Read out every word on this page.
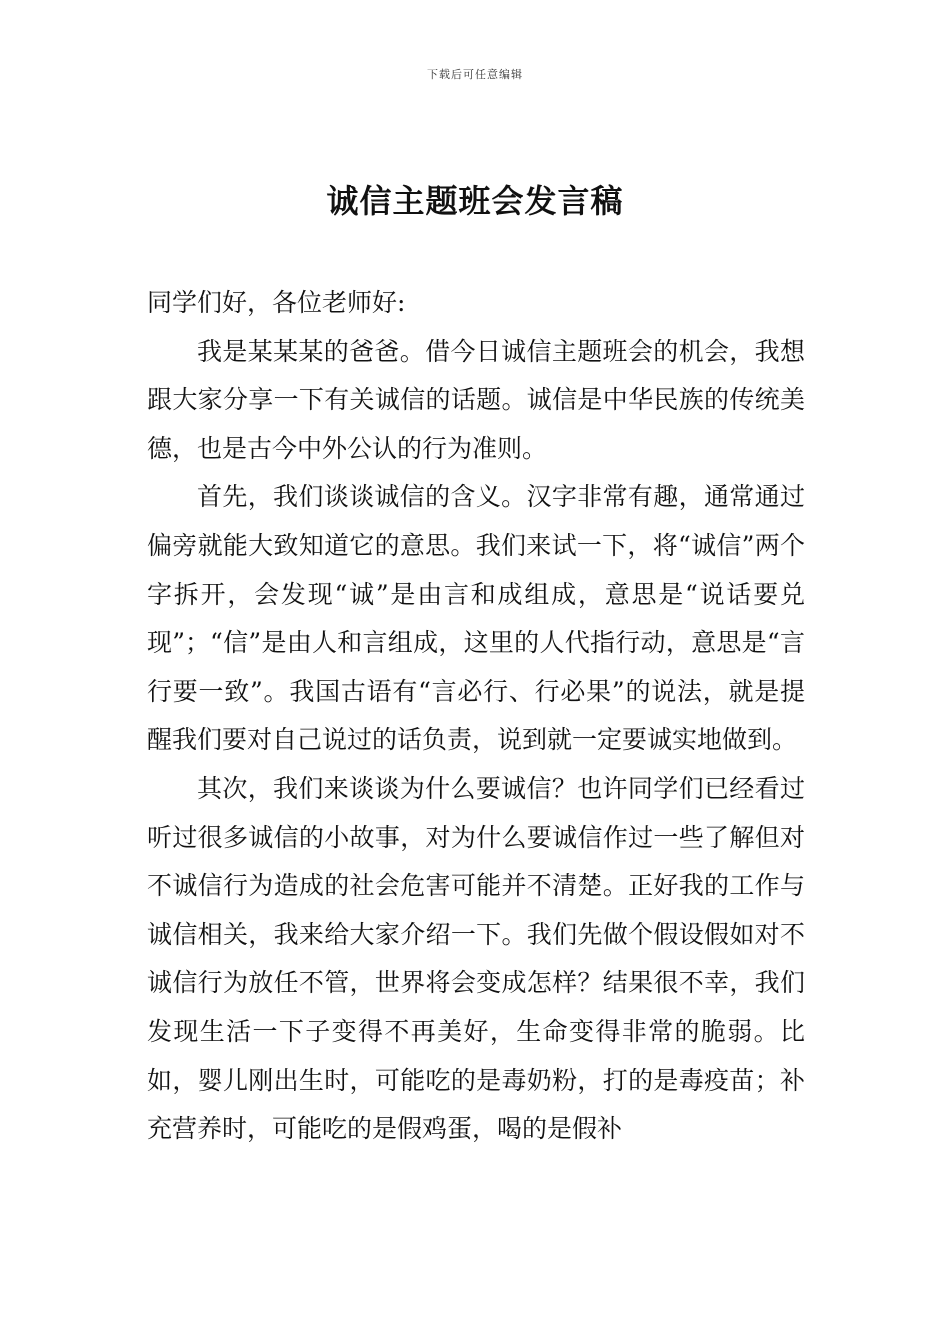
下载后可任意编辑
诚信主题班会发言稿

同学们好，各位老师好:

我是某某某的爸爸。借今日诚信主题班会的机会，我想跟大家分享一下有关诚信的话题。诚信是中华民族的传统美德，也是古今中外公认的行为准则。

首先，我们谈谈诚信的含义。汉字非常有趣，通常通过偏旁就能大致知道它的意思。我们来试一下，将“诚信”两个字拆开，会发现“诚”是由言和成组成，意思是“说话要兑现”；“信”是由人和言组成，这里的人代指行动，意思是“言行要一致”。我国古语有“言必行、行必果”的说法，就是提醒我们要对自己说过的话负责，说到就一定要诚实地做到。

其次，我们来谈谈为什么要诚信？也许同学们已经看过听过很多诚信的小故事，对为什么要诚信作过一些了解但对不诚信行为造成的社会危害可能并不清楚。正好我的工作与诚信相关，我来给大家介绍一下。我们先做个假设假如对不诚信行为放任不管，世界将会变成怎样？结果很不幸，我们发现生活一下子变得不再美好，生命变得非常的脆弱。比如，婴儿刚出生时，可能吃的是毒奶粉，打的是毒疫苗；补充营养时，可能吃的是假鸡蛋，喝的是假补
